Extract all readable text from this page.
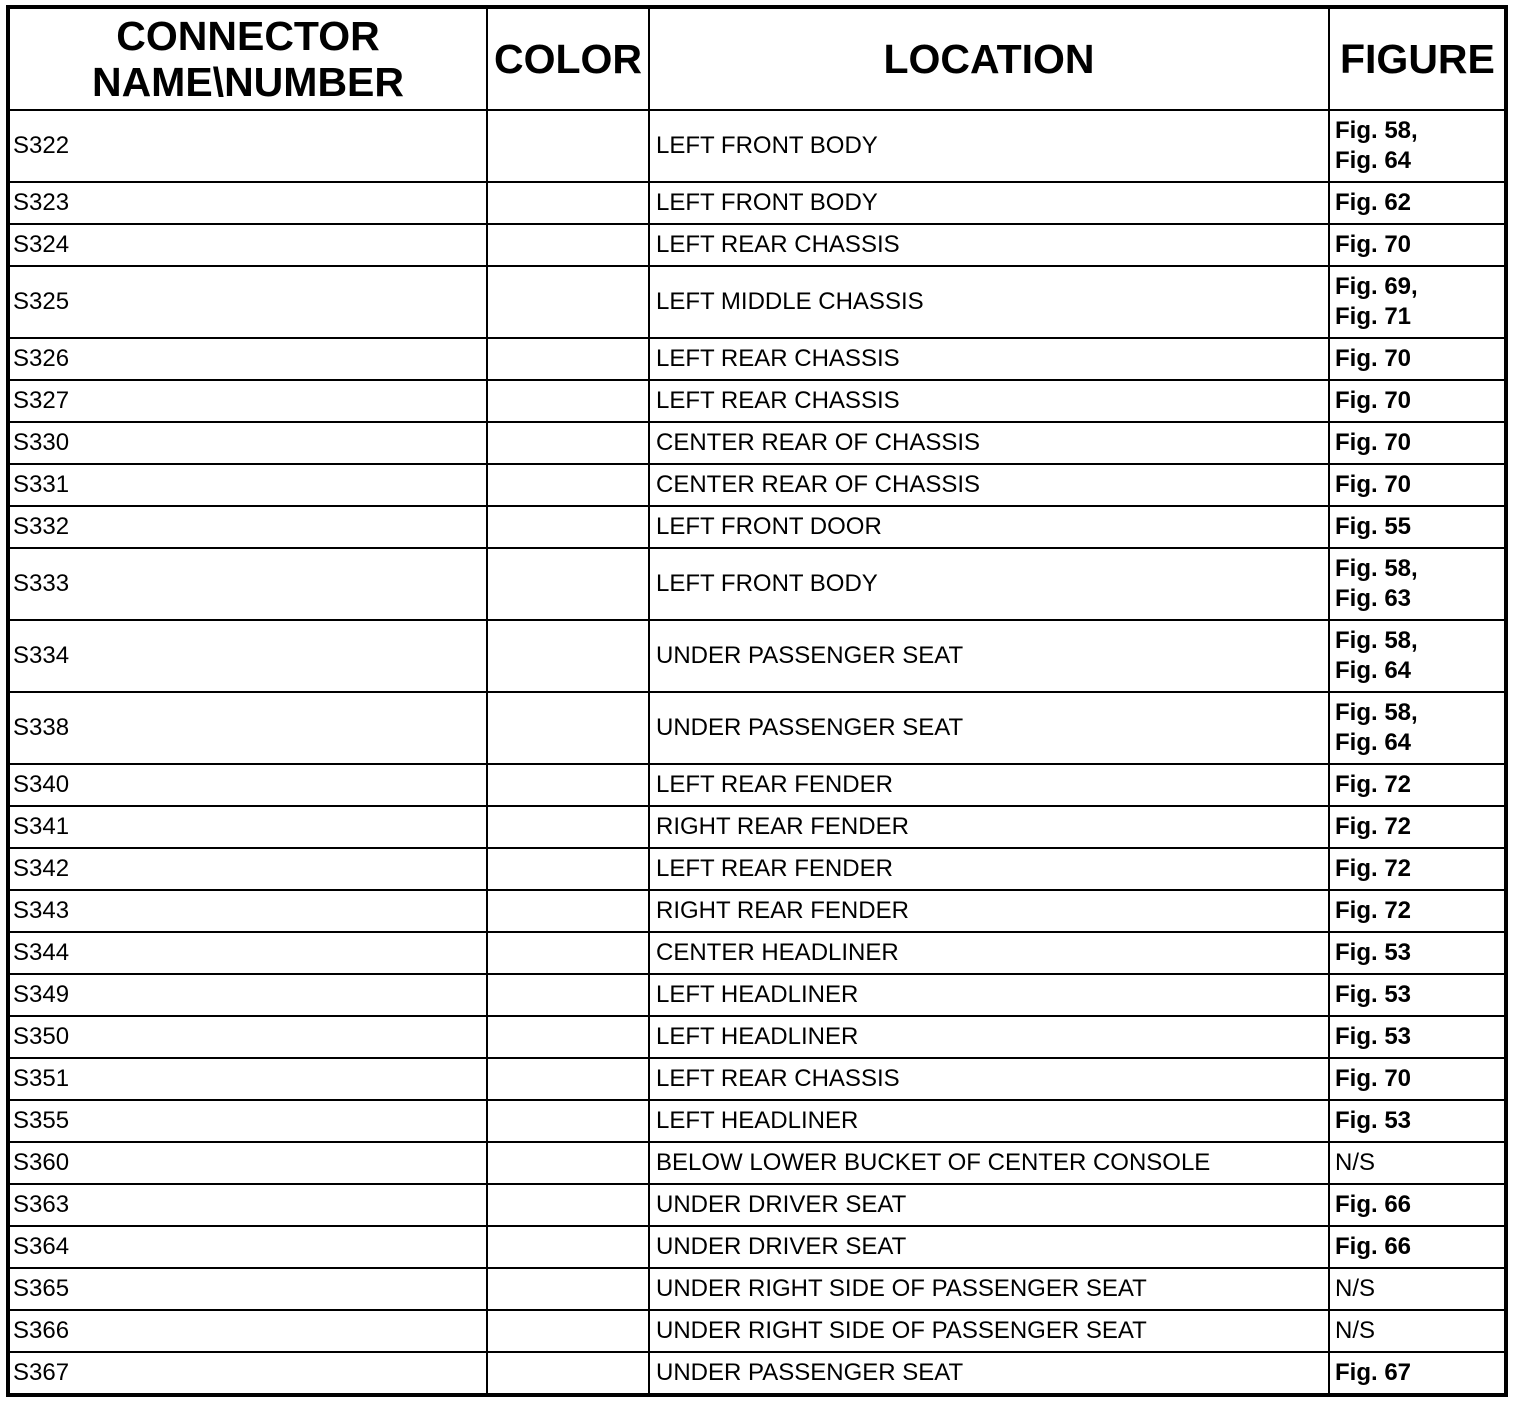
CONNECTOR NAME\NUMBER	COLOR	LOCATION	FIGURE
S322		LEFT FRONT BODY	Fig. 58,
Fig. 64
S323		LEFT FRONT BODY	Fig. 62
S324		LEFT REAR CHASSIS	Fig. 70
S325		LEFT MIDDLE CHASSIS	Fig. 69,
Fig. 71
S326		LEFT REAR CHASSIS	Fig. 70
S327		LEFT REAR CHASSIS	Fig. 70
S330		CENTER REAR OF CHASSIS	Fig. 70
S331		CENTER REAR OF CHASSIS	Fig. 70
S332		LEFT FRONT DOOR	Fig. 55
S333		LEFT FRONT BODY	Fig. 58,
Fig. 63
S334		UNDER PASSENGER SEAT	Fig. 58,
Fig. 64
S338		UNDER PASSENGER SEAT	Fig. 58,
Fig. 64
S340		LEFT REAR FENDER	Fig. 72
S341		RIGHT REAR FENDER	Fig. 72
S342		LEFT REAR FENDER	Fig. 72
S343		RIGHT REAR FENDER	Fig. 72
S344		CENTER HEADLINER	Fig. 53
S349		LEFT HEADLINER	Fig. 53
S350		LEFT HEADLINER	Fig. 53
S351		LEFT REAR CHASSIS	Fig. 70
S355		LEFT HEADLINER	Fig. 53
S360		BELOW LOWER BUCKET OF CENTER CONSOLE	N/S
S363		UNDER DRIVER SEAT	Fig. 66
S364		UNDER DRIVER SEAT	Fig. 66
S365		UNDER RIGHT SIDE OF PASSENGER SEAT	N/S
S366		UNDER RIGHT SIDE OF PASSENGER SEAT	N/S
S367		UNDER PASSENGER SEAT	Fig. 67
